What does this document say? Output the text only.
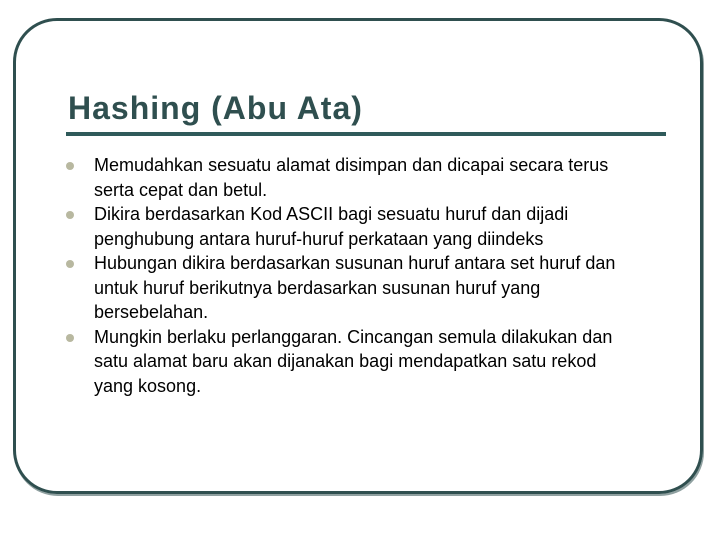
Hashing (Abu Ata)
Memudahkan sesuatu alamat disimpan dan dicapai secara terus
serta cepat dan betul.
Dikira berdasarkan Kod ASCII bagi sesuatu huruf dan dijadi
penghubung antara huruf-huruf perkataan yang diindeks
Hubungan dikira berdasarkan susunan huruf antara set huruf dan
untuk huruf berikutnya berdasarkan susunan huruf yang
bersebelahan.
Mungkin berlaku perlanggaran. Cincangan semula dilakukan dan
satu alamat baru akan dijanakan bagi mendapatkan satu rekod
yang kosong.
